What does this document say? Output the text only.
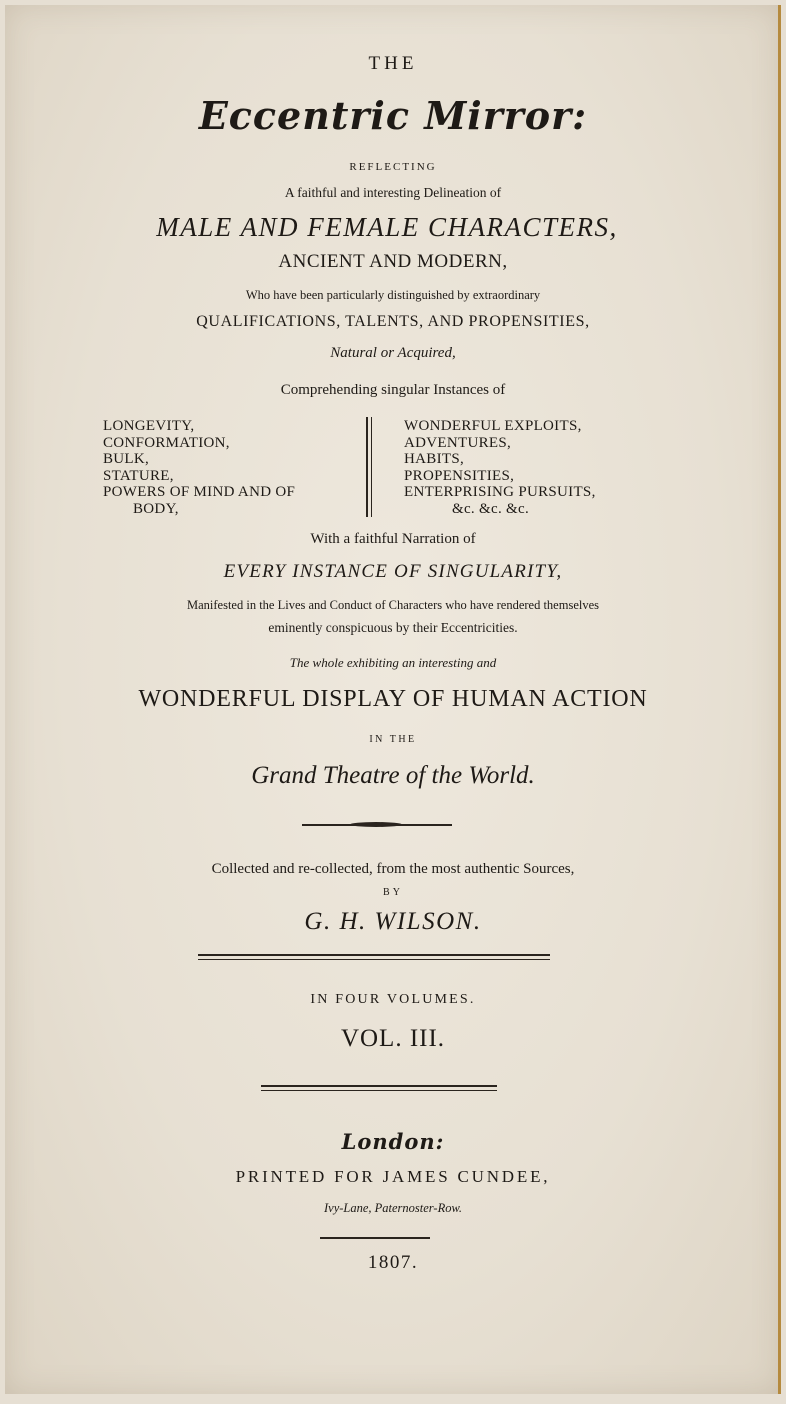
THE
Eccentric Mirror:
REFLECTING
A faithful and interesting Delineation of
MALE AND FEMALE CHARACTERS,
ANCIENT AND MODERN,
Who have been particularly distinguished by extraordinary
QUALIFICATIONS, TALENTS, AND PROPENSITIES,
Natural or Acquired,
Comprehending singular Instances of
LONGEVITY,
CONFORMATION,
BULK,
STATURE,
POWERS OF MIND AND OF
BODY,
WONDERFUL EXPLOITS,
ADVENTURES,
HABITS,
PROPENSITIES,
ENTERPRISING PURSUITS,
&c. &c. &c.
With a faithful Narration of
EVERY INSTANCE OF SINGULARITY,
Manifested in the Lives and Conduct of Characters who have rendered themselves
eminently conspicuous by their Eccentricities.
The whole exhibiting an interesting and
WONDERFUL DISPLAY OF HUMAN ACTION
IN THE
Grand Theatre of the World.
Collected and re-collected, from the most authentic Sources,
BY
G. H. WILSON.
IN FOUR VOLUMES.
VOL. III.
London:
PRINTED FOR JAMES CUNDEE,
Ivy-Lane, Paternoster-Row.
1807.
